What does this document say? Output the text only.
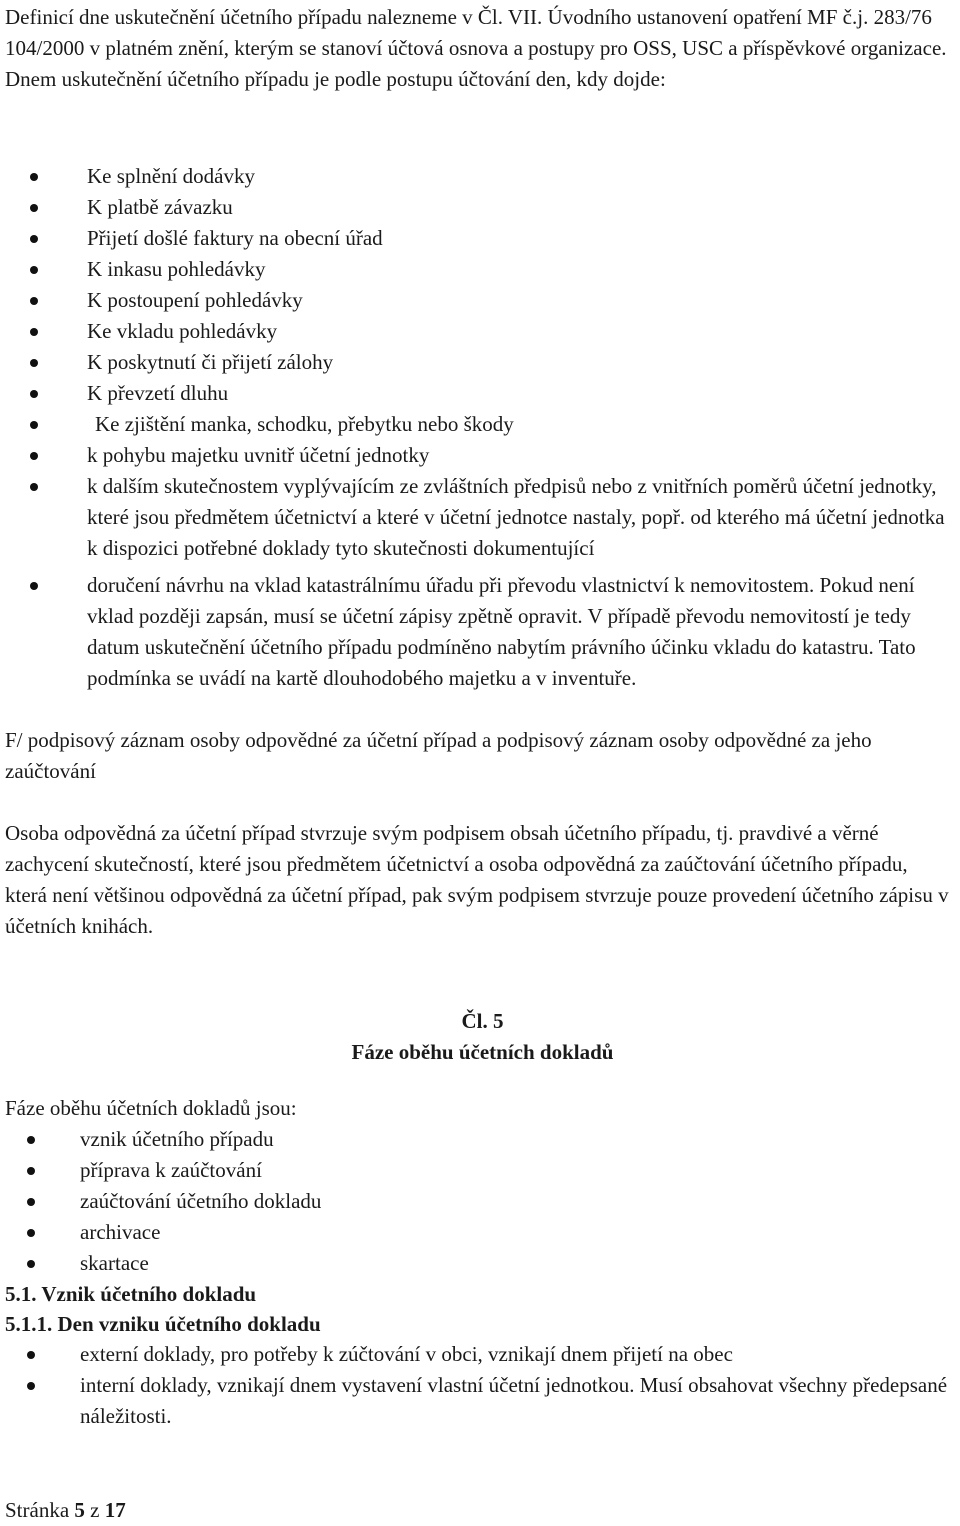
Definicí dne uskutečnění účetního případu nalezneme v Čl. VII. Úvodního ustanovení opatření MF č.j. 283/76 104/2000 v platném znění, kterým se stanoví účtová osnova a postupy pro OSS, USC a příspěvkové organizace.

Dnem uskutečnění účetního případu je podle postupu účtování den, kdy dojde:

Ke splnění dodávky
K platbě závazku
Přijetí došlé faktury na obecní úřad
K inkasu pohledávky
K postoupení pohledávky
Ke vkladu pohledávky
K poskytnutí či přijetí zálohy
K převzetí dluhu
Ke zjištění manka, schodku, přebytku nebo škody
k pohybu majetku uvnitř účetní jednotky
k dalším skutečnostem vyplývajícím ze zvláštních předpisů nebo z vnitřních poměrů účetní jednotky, které jsou předmětem účetnictví a které v účetní jednotce nastaly, popř. od kterého má účetní jednotka k dispozici potřebné doklady tyto skutečnosti dokumentující
doručení návrhu na vklad katastrálnímu úřadu při převodu vlastnictví k nemovitostem. Pokud není vklad později zapsán, musí se účetní zápisy zpětně opravit. V případě převodu nemovitostí je tedy datum uskutečnění účetního případu podmíněno nabytím právního účinku vkladu do katastru. Tato podmínka se uvádí na kartě dlouhodobého majetku a v inventuře.

F/ podpisový záznam osoby odpovědné za účetní případ a podpisový záznam osoby odpovědné za jeho zaúčtování

Osoba odpovědná za účetní případ stvrzuje svým podpisem obsah účetního případu, tj. pravdivé a věrné zachycení skutečností, které jsou předmětem účetnictví a osoba odpovědná za zaúčtování účetního případu, která není většinou odpovědná za účetní případ, pak svým podpisem stvrzuje pouze provedení účetního zápisu v účetních knihách.

Čl. 5
Fáze oběhu účetních dokladů

Fáze oběhu účetních dokladů jsou:

vznik účetního případu
příprava k zaúčtování
zaúčtování účetního dokladu
archivace
skartace
5.1. Vznik účetního dokladu
5.1.1. Den vzniku účetního dokladu
externí doklady, pro potřeby k zúčtování v obci, vznikají dnem přijetí na obec
interní doklady, vznikají dnem vystavení vlastní účetní jednotkou. Musí obsahovat všechny předepsané náležitosti.
Stránka 5 z 17
